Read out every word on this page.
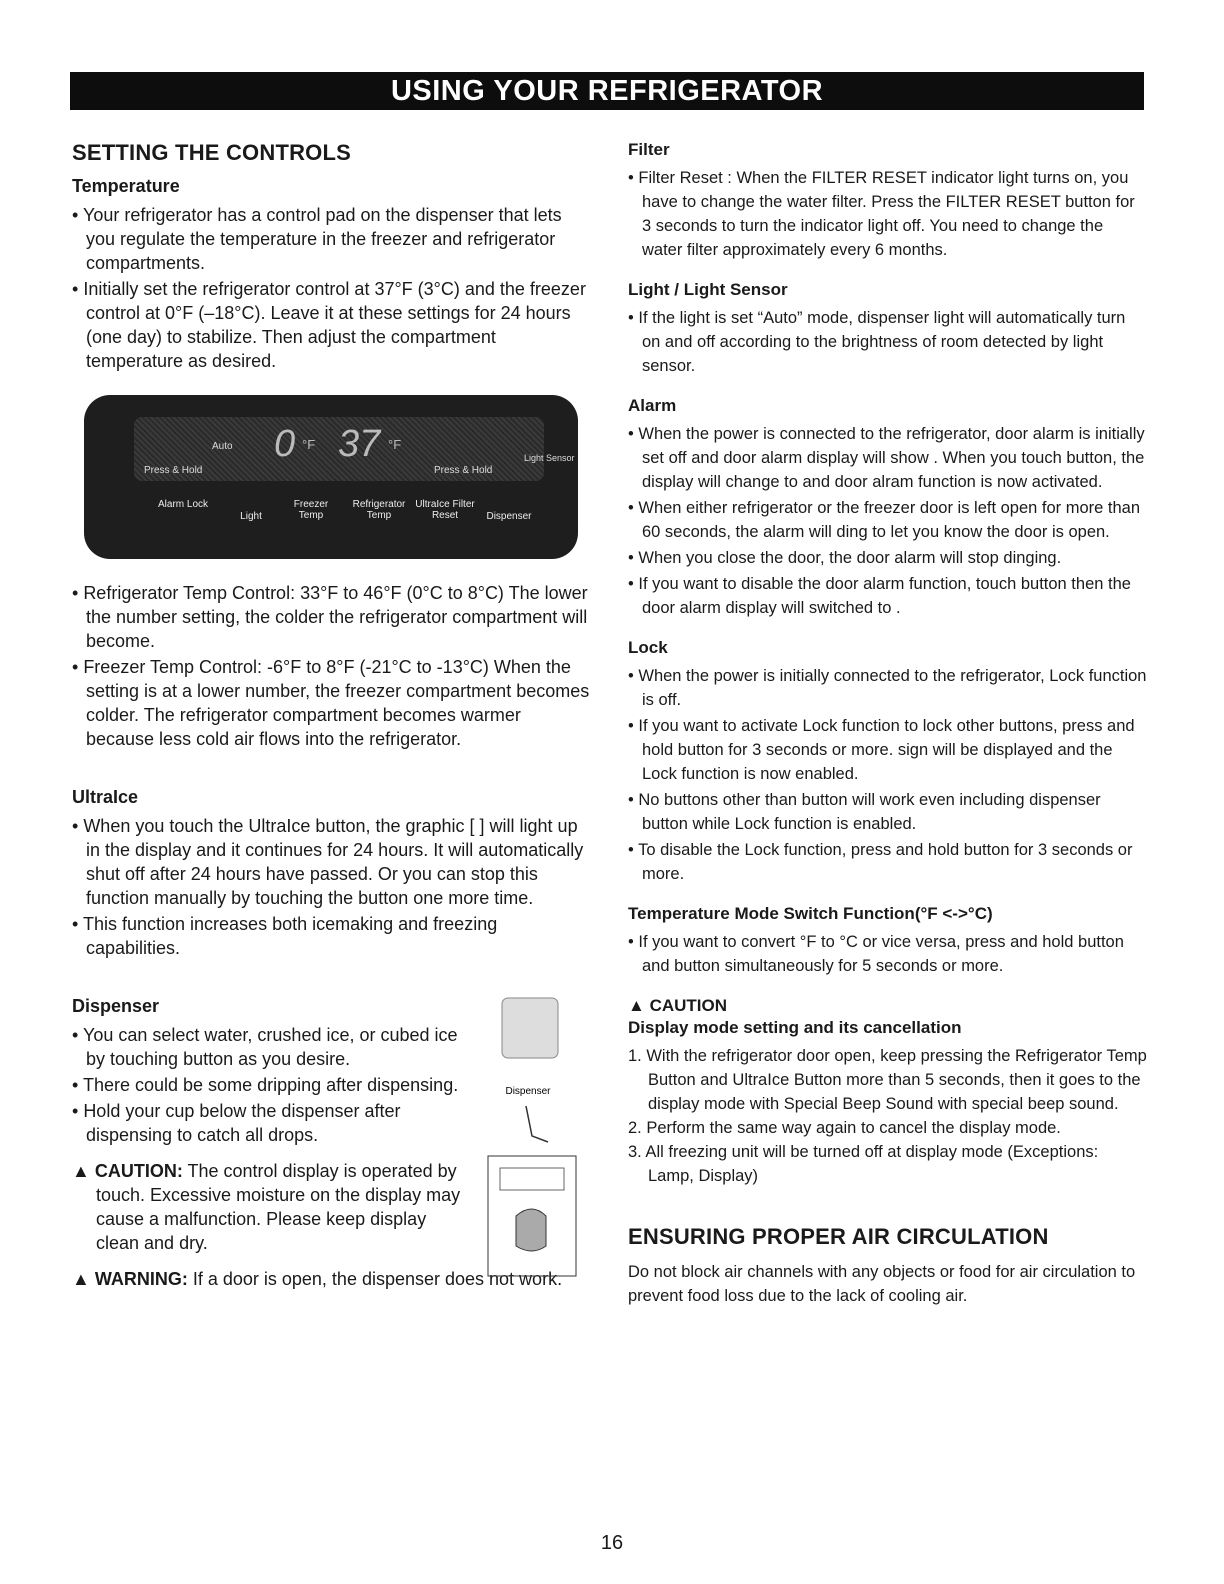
USING YOUR REFRIGERATOR
SETTING THE CONTROLS
Temperature

• Your refrigerator has a control pad on the dispenser that lets you regulate the temperature in the freezer and refrigerator compartments.

• Initially set the refrigerator control at 37°F (3°C) and the freezer control at 0°F (–18°C). Leave it at these settings for 24 hours (one day) to stabilize. Then adjust the compartment temperature as desired.

Press & Hold	Press & Hold
Auto 0 °F 37 °F
Light Sensor
Alarm Lock
Light
Freezer Temp
Refrigerator Temp
UltraIce Filter Reset	Dispenser

• Refrigerator Temp Control: 33°F to 46°F (0°C to 8°C) The lower the number setting, the colder the refrigerator compartment will become.

• Freezer Temp Control: -6°F to 8°F (-21°C to -13°C) When the setting is at a lower number, the freezer compartment becomes colder. The refrigerator compartment becomes warmer because less cold air flows into the refrigerator.

UltraIce

• When you touch the UltraIce button, the graphic [ ] will light up in the display and it continues for 24 hours. It will automatically shut off after 24 hours have passed. Or you can stop this function manually by touching the button one more time.

• This function increases both icemaking and freezing capabilities.

Dispenser

• You can select water, crushed ice, or cubed ice by touching button as you desire.

• There could be some dripping after dispensing.

• Hold your cup below the dispenser after dispensing to catch all drops.

▲ CAUTION: The control display is operated by touch. Excessive moisture on the display may cause a malfunction. Please keep display clean and dry.

Dispenser

▲ WARNING: If a door is open, the dispenser does not work.

Filter

• Filter Reset : When the FILTER RESET indicator light turns on, you have to change the water filter. Press the FILTER RESET button for 3 seconds to turn the indicator light off. You need to change the water filter approximately every 6 months.

Light / Light Sensor

• If the light is set “Auto” mode, dispenser light will automatically turn on and off according to the brightness of room detected by light sensor.

Alarm

• When the power is connected to the refrigerator, door alarm is initially set off and door alarm display will show . When you touch button, the display will change to and door alram function is now activated.

• When either refrigerator or the freezer door is left open for more than 60 seconds, the alarm will ding to let you know the door is open.

• When you close the door, the door alarm will stop dinging.

• If you want to disable the door alarm function, touch button then the door alarm display will switched to .

Lock

• When the power is initially connected to the refrigerator, Lock function is off.

• If you want to activate Lock function to lock other buttons, press and hold button for 3 seconds or more. sign will be displayed and the Lock function is now enabled.

• No buttons other than button will work even including dispenser button while Lock function is enabled.

• To disable the Lock function, press and hold button for 3 seconds or more.

Temperature Mode Switch Function(°F <->°C)

• If you want to convert °F to °C or vice versa, press and hold button and button simultaneously for 5 seconds or more.

▲ CAUTION
Display mode setting and its cancellation

1. With the refrigerator door open, keep pressing the Refrigerator Temp Button and UltraIce Button more than 5 seconds, then it goes to the display mode with Special Beep Sound with special beep sound.

2. Perform the same way again to cancel the display mode.

3. All freezing unit will be turned off at display mode (Exceptions: Lamp, Display)

ENSURING PROPER AIR CIRCULATION

Do not block air channels with any objects or food for air circulation to prevent food loss due to the lack of cooling air.

16
